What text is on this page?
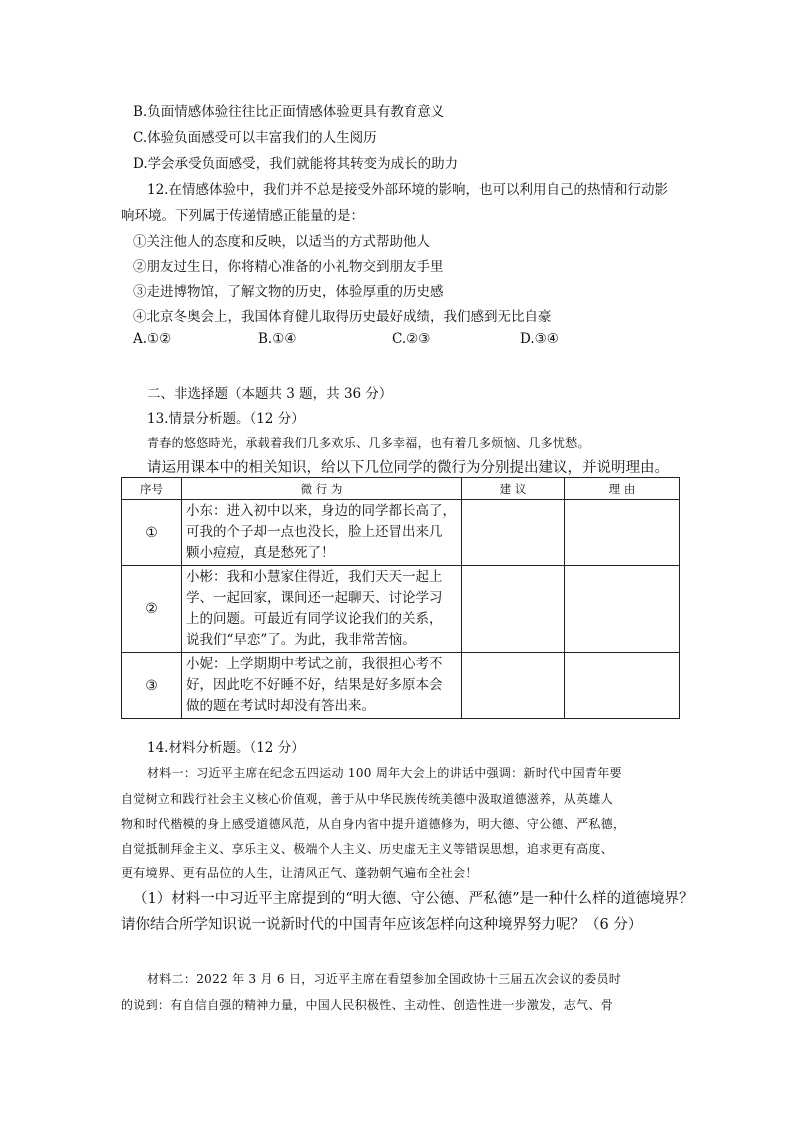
B.负面情感体验往往比正面情感体验更具有教育意义
C.体验负面感受可以丰富我们的人生阅历
D.学会承受负面感受，我们就能将其转变为成长的助力
12.在情感体验中，我们并不总是接受外部环境的影响，也可以利用自己的热情和行动影
响环境。下列属于传递情感正能量的是：
①关注他人的态度和反映，以适当的方式帮助他人
②朋友过生日，你将精心准备的小礼物交到朋友手里
③走进博物馆，了解文物的历史，体验厚重的历史感
④北京冬奥会上，我国体育健儿取得历史最好成绩，我们感到无比自豪
A.①②	B.①④	C.②③	D.③④
二、非选择题（本题共 3 题，共 36 分）
13.情景分析题。（12 分）
青春的悠悠時光，承载着我们几多欢乐、几多幸福，也有着几多烦恼、几多忧愁。
请运用课本中的相关知识，给以下几位同学的微行为分别提出建议，并说明理由。
序号	微 行 为	建 议	理 由
①	小东：进入初中以来，身边的同学都长高了，
可我的个子却一点也没长，脸上还冒出来几
颗小痘痘，真是愁死了！		
②	小彬：我和小慧家住得近，我们天天一起上
学、一起回家，课间还一起聊天、讨论学习
上的问题。可最近有同学议论我们的关系，
说我们“早恋”了。为此，我非常苦恼。		
③	小妮：上学期期中考试之前，我很担心考不
好，因此吃不好睡不好，结果是好多原本会
做的题在考试时却没有答出来。		
14.材料分析题。（12 分）
材料一：习近平主席在纪念五四运动 100 周年大会上的讲话中强调：新时代中国青年要
自觉树立和践行社会主义核心价值观，善于从中华民族传统美德中汲取道德滋养，从英雄人
物和时代楷模的身上感受道德风范，从自身内省中提升道德修为，明大德、守公德、严私德，
自觉抵制拜金主义、享乐主义、极端个人主义、历史虚无主义等错误思想，追求更有高度、
更有境界、更有品位的人生，让清风正气、蓬勃朝气遍布全社会！
（1）材料一中习近平主席提到的“明大德、守公德、严私德”是一种什么样的道德境界？
请你结合所学知识说一说新时代的中国青年应该怎样向这种境界努力呢？（6 分）
材料二：2022 年 3 月 6 日，习近平主席在看望参加全国政协十三届五次会议的委员时
的说到：有自信自强的精神力量，中国人民积极性、主动性、创造性进一步激发，志气、骨
